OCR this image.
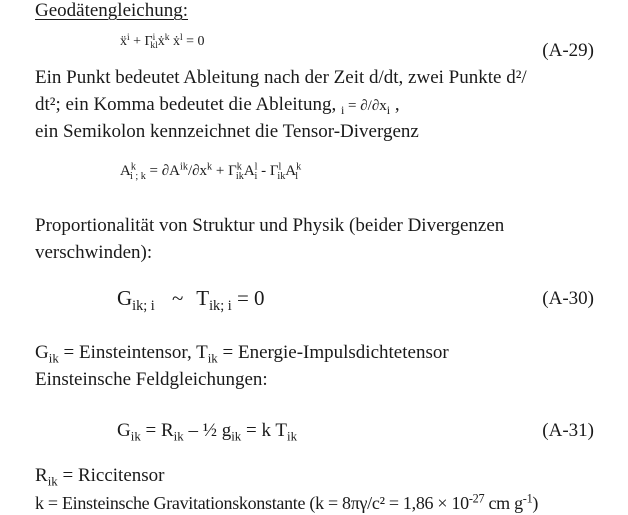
Geodätengleichung:
ẍ$^i$ + $\Gamma^i_{kl}ẋ^k$ ẋ$^l$ = 0	(A-29)
Ein Punkt bedeutet Ableitung nach der Zeit d/dt, zwei Punkte d²/
dt²; ein Komma bedeutet die Ableitung, $_i = \partial/\partial x_i$ ,
ein Semikolon kennzeichnet die Tensor-Divergenz
$A^k_{i ; k} = \partial A^{ik}/\partial x^k + \Gamma^k_{ik}A^l_i - \Gamma^l_{ik}A^k_l$
Proportionalität von Struktur und Physik (beider Divergenzen
verschwinden):
$G_{ik; i}$ ~ $T_{ik; i} = 0$	(A-30)
$G_{ik}$ = Einsteintensor, $T_{ik}$ = Energie-Impulsdichtetensor
Einsteinsche Feldgleichungen:
$G_{ik} = R_{ik}$ – ½ $g_{ik} = k$ $T_{ik}$	(A-31)
$R_{ik}$ = Riccitensor
k = Einsteinsche Gravitationskonstante ($k = 8\pi\gamma/c^2 = 1,86 \times 10^{-27}$ cm $g^{-1}$)
